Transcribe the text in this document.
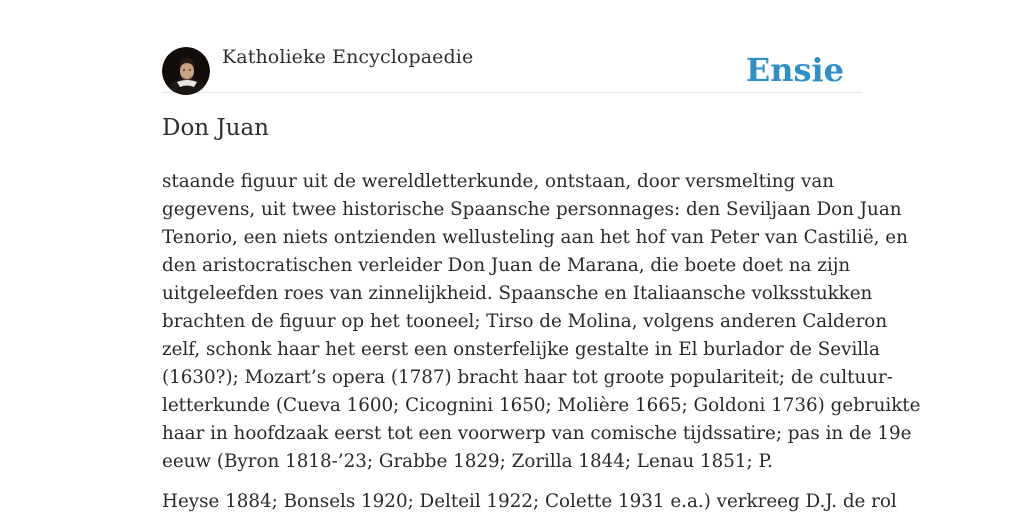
Katholieke Encyclopaedie	Ensie
Don Juan
staande figuur uit de wereldletterkunde, ontstaan, door versmelting van
gegevens, uit twee historische Spaansche personnages: den Seviljaan Don Juan
Tenorio, een niets ontzienden wellusteling aan het hof van Peter van Castilië, en
den aristocratischen verleider Don Juan de Marana, die boete doet na zijn
uitgeleefden roes van zinnelijkheid. Spaansche en Italiaansche volksstukken
brachten de figuur op het tooneel; Tirso de Molina, volgens anderen Calderon
zelf, schonk haar het eerst een onsterfelijke gestalte in El burlador de Sevilla
(1630?); Mozart’s opera (1787) bracht haar tot groote populariteit; de cultuur-
letterkunde (Cueva 1600; Cicognini 1650; Molière 1665; Goldoni 1736) gebruikte
haar in hoofdzaak eerst tot een voorwerp van comische tijdssatire; pas in de 19e
eeuw (Byron 1818-’23; Grabbe 1829; Zorilla 1844; Lenau 1851; P.
Heyse 1884; Bonsels 1920; Delteil 1922; Colette 1931 e.a.) verkreeg D.J. de rol
